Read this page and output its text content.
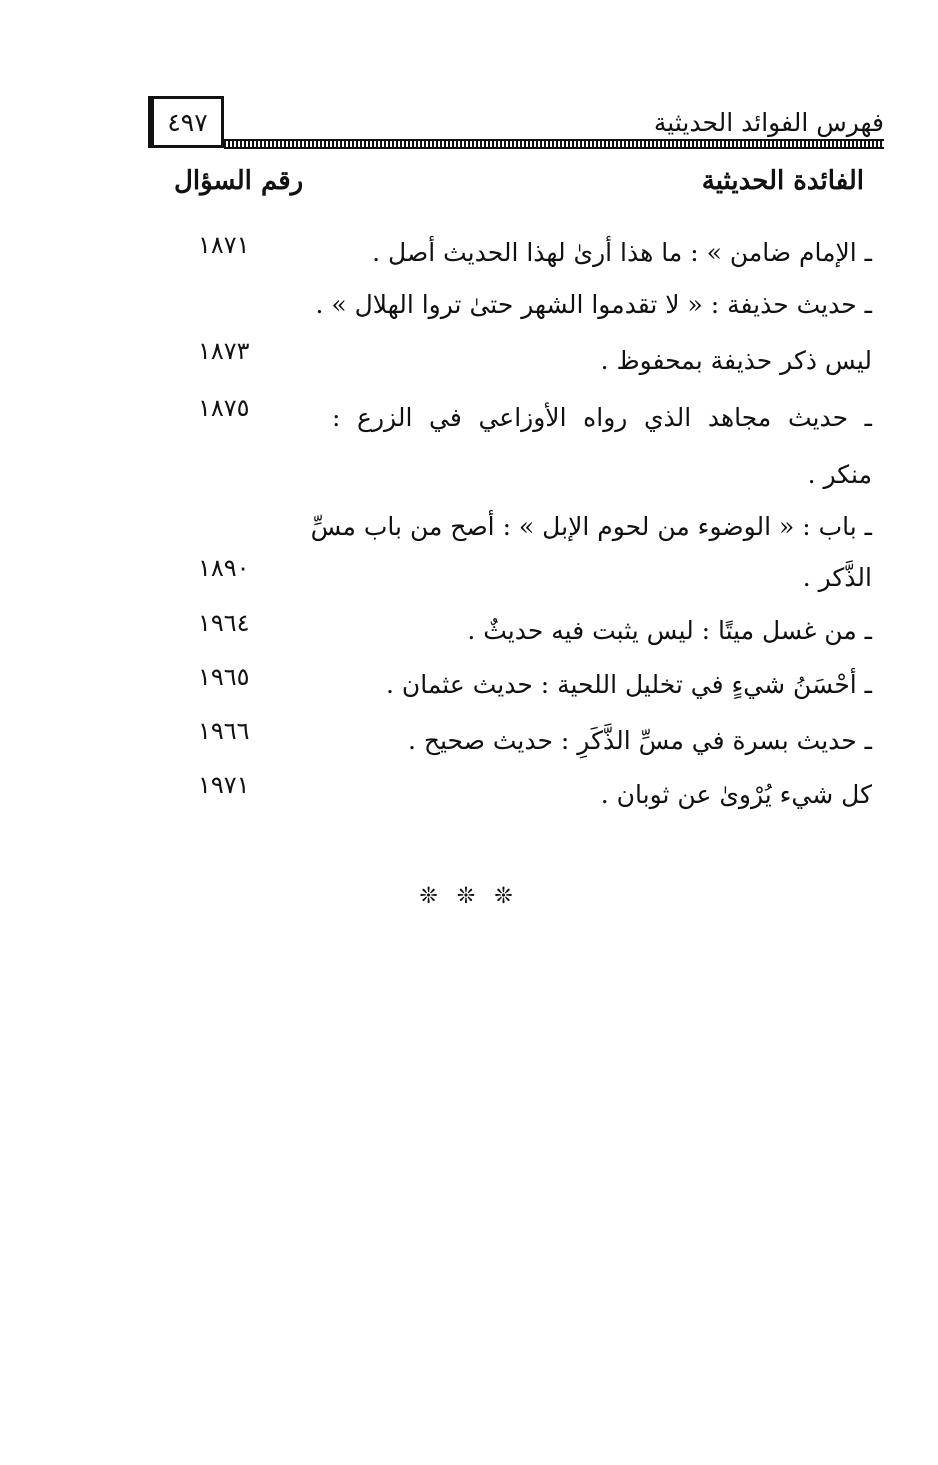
٤٩٧	فهرس الفوائد الحديثية
الفائدة الحديثية
رقم السؤال
ـ الإمام ضامن » : ما هذا أرىٰ لهذا الحديث أصل .
١٨٧١
ـ حديث حذيفة : « لا تقدموا الشهر حتىٰ تروا الهلال » .
ليس ذكر حذيفة بمحفوظ .
١٨٧٣
ـ حديث مجاهد الذي رواه الأوزاعي في الزرع :
١٨٧٥
منكر .
ـ باب : « الوضوء من لحوم الإبل » : أصح من باب مسِّ
الذَّكر .
١٨٩٠
ـ من غسل ميتًا : ليس يثبت فيه حديثٌ .
١٩٦٤
ـ أحْسَنُ شيءٍ في تخليل اللحية : حديث عثمان .
١٩٦٥
ـ حديث بسرة في مسِّ الذَّكَرِ : حديث صحيح .
١٩٦٦
كل شيء يُرْوىٰ عن ثوبان .
١٩٧١
❊ ❊ ❊
